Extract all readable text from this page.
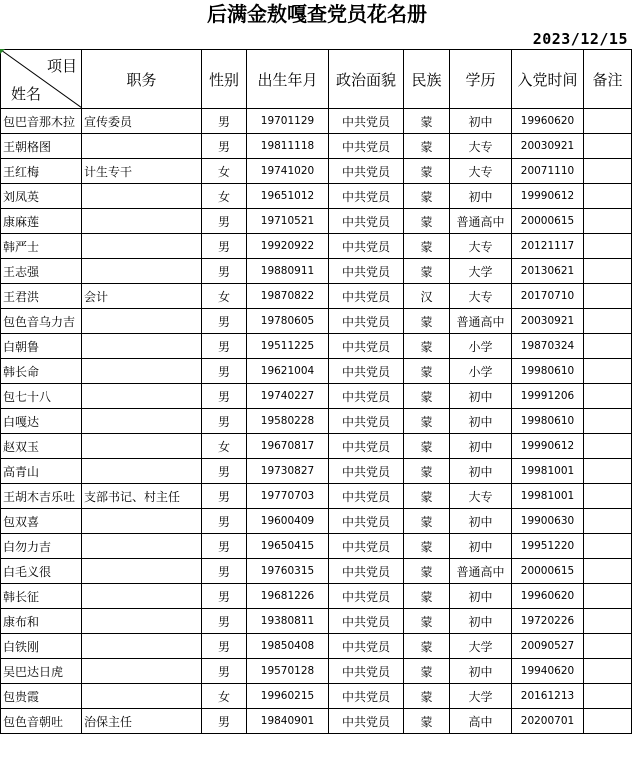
后满金敖嘎查党员花名册
2023/12/15
项目
姓名	职务	性别	出生年月	政治面貌	民族	学历	入党时间	备注
包巴音那木拉	宣传委员	男	19701129	中共党员	蒙	初中	19960620	
王朝格图		男	19811118	中共党员	蒙	大专	20030921	
王红梅	计生专干	女	19741020	中共党员	蒙	大专	20071110	
刘凤英		女	19651012	中共党员	蒙	初中	19990612	
康麻莲		男	19710521	中共党员	蒙	普通高中	20000615	
韩严士		男	19920922	中共党员	蒙	大专	20121117	
王志强		男	19880911	中共党员	蒙	大学	20130621	
王君洪	会计	女	19870822	中共党员	汉	大专	20170710	
包色音乌力吉		男	19780605	中共党员	蒙	普通高中	20030921	
白朝鲁		男	19511225	中共党员	蒙	小学	19870324	
韩长命		男	19621004	中共党员	蒙	小学	19980610	
包七十八		男	19740227	中共党员	蒙	初中	19991206	
白嘎达		男	19580228	中共党员	蒙	初中	19980610	
赵双玉		女	19670817	中共党员	蒙	初中	19990612	
高青山		男	19730827	中共党员	蒙	初中	19981001	
王胡木吉乐吐	支部书记、村主任	男	19770703	中共党员	蒙	大专	19981001	
包双喜		男	19600409	中共党员	蒙	初中	19900630	
白勿力吉		男	19650415	中共党员	蒙	初中	19951220	
白毛义很		男	19760315	中共党员	蒙	普通高中	20000615	
韩长征		男	19681226	中共党员	蒙	初中	19960620	
康布和		男	19380811	中共党员	蒙	初中	19720226	
白铁刚		男	19850408	中共党员	蒙	大学	20090527	
吴巴达日虎		男	19570128	中共党员	蒙	初中	19940620	
包贵霞		女	19960215	中共党员	蒙	大学	20161213	
包色音朝吐	治保主任	男	19840901	中共党员	蒙	高中	20200701	
